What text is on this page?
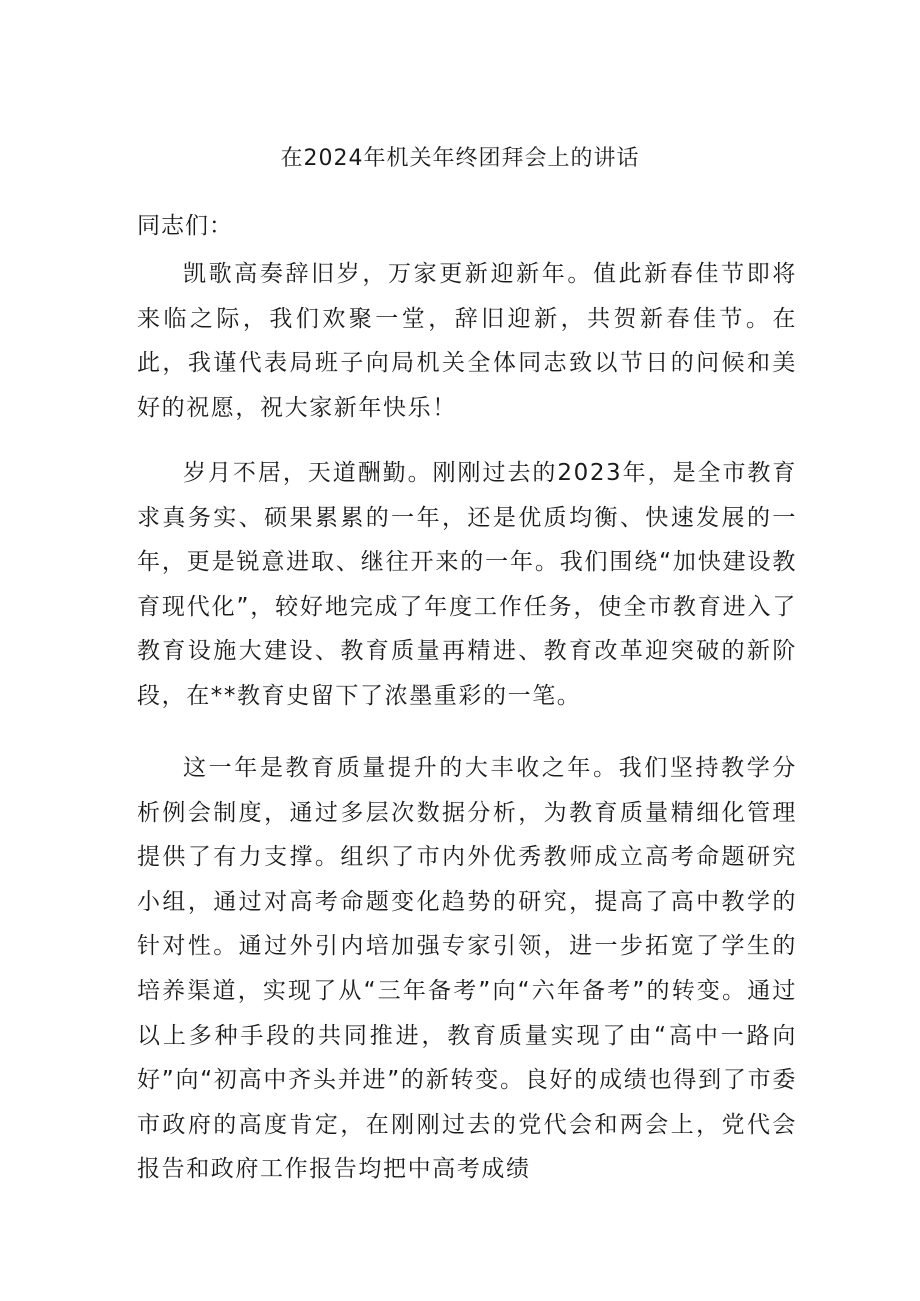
在2024年机关年终团拜会上的讲话
同志们：

凯歌高奏辞旧岁，万家更新迎新年。值此新春佳节即将来临之际，我们欢聚一堂，辞旧迎新，共贺新春佳节。在此，我谨代表局班子向局机关全体同志致以节日的问候和美好的祝愿，祝大家新年快乐！

岁月不居，天道酬勤。刚刚过去的2023年，是全市教育求真务实、硕果累累的一年，还是优质均衡、快速发展的一年，更是锐意进取、继往开来的一年。我们围绕“加快建设教育现代化”，较好地完成了年度工作任务，使全市教育进入了教育设施大建设、教育质量再精进、教育改革迎突破的新阶段，在**教育史留下了浓墨重彩的一笔。

这一年是教育质量提升的大丰收之年。我们坚持教学分析例会制度，通过多层次数据分析，为教育质量精细化管理提供了有力支撑。组织了市内外优秀教师成立高考命题研究小组，通过对高考命题变化趋势的研究，提高了高中教学的针对性。通过外引内培加强专家引领，进一步拓宽了学生的培养渠道，实现了从“三年备考”向“六年备考”的转变。通过以上多种手段的共同推进，教育质量实现了由“高中一路向好”向“初高中齐头并进”的新转变。良好的成绩也得到了市委市政府的高度肯定，在刚刚过去的党代会和两会上，党代会报告和政府工作报告均把中高考成绩
